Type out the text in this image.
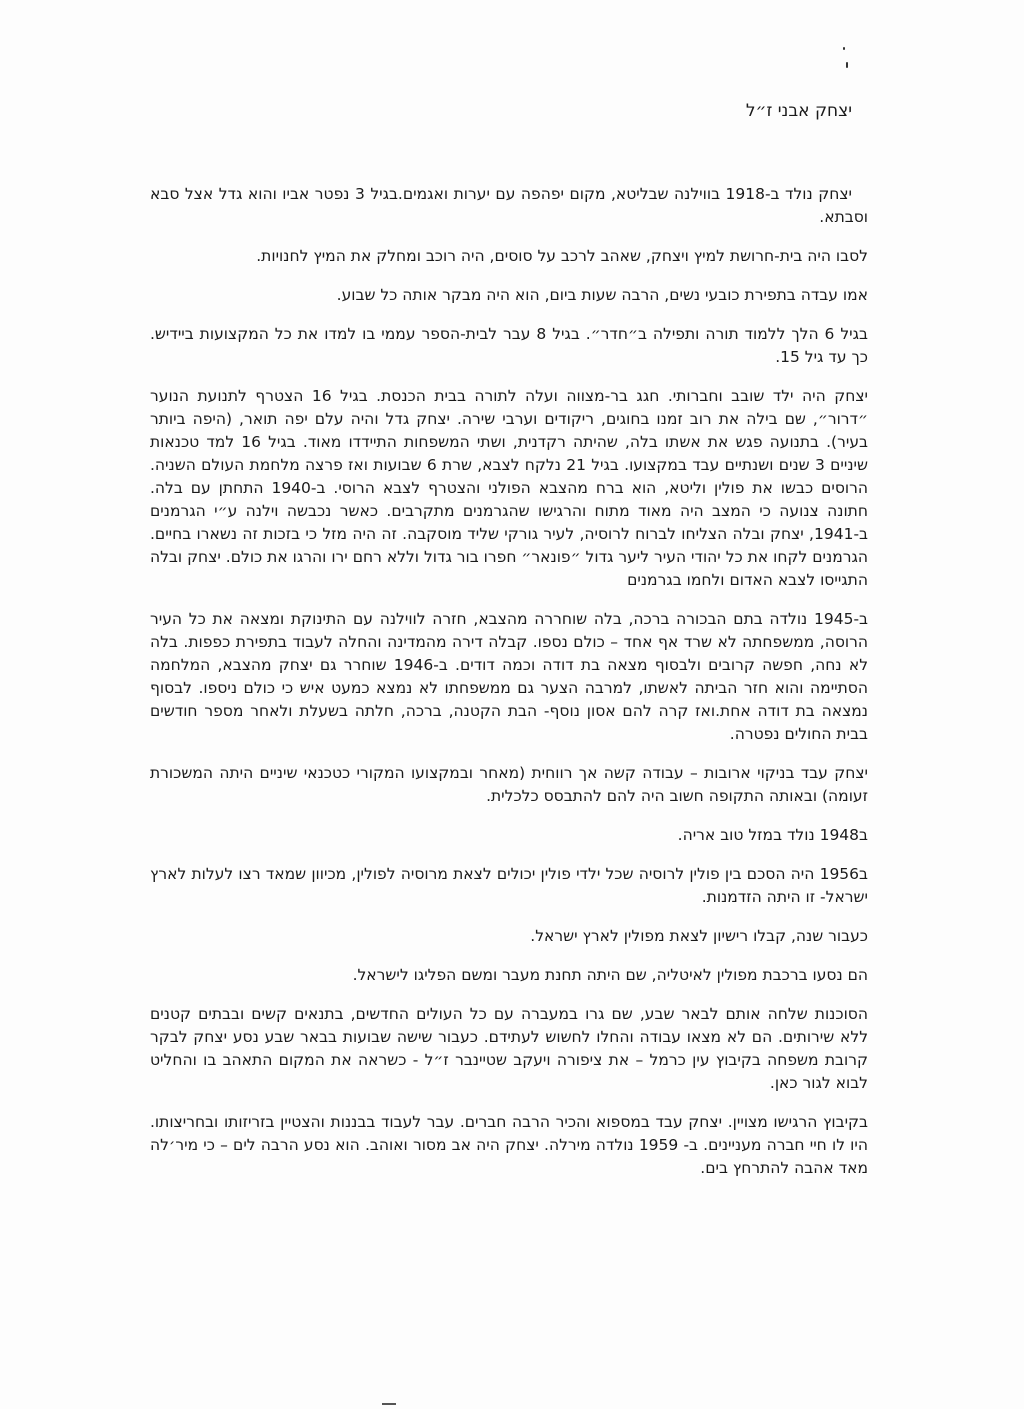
יצחק אבני ז״ל

יצחק נולד ב-1918 בווילנה שבליטא, מקום יפהפה עם יערות ואגמים.בגיל 3 נפטר אביו והוא גדל אצל סבא וסבתא.

לסבו היה בית-חרושת למיץ ויצחק, שאהב לרכב על סוסים, היה רוכב ומחלק את המיץ לחנויות.

אמו עבדה בתפירת כובעי נשים, הרבה שעות ביום, הוא היה מבקר אותה כל שבוע.

בגיל 6 הלך ללמוד תורה ותפילה ב״חדר״. בגיל 8 עבר לבית-הספר עממי בו למדו את כל המקצועות ביידיש. כך עד גיל 15.

יצחק היה ילד שובב וחברותי. חגג בר-מצווה ועלה לתורה בבית הכנסת. בגיל 16 הצטרף לתנועת הנוער ״דרור״, שם בילה את רוב זמנו בחוגים, ריקודים וערבי שירה. יצחק גדל והיה עלם יפה תואר, (היפה ביותר בעיר). בתנועה פגש את אשתו בלה, שהיתה רקדנית, ושתי המשפחות התיידדו מאוד. בגיל 16 למד טכנאות שיניים 3 שנים ושנתיים עבד במקצועו. בגיל 21 נלקח לצבא, שרת 6 שבועות ואז פרצה מלחמת העולם השניה. הרוסים כבשו את פולין וליטא, הוא ברח מהצבא הפולני והצטרף לצבא הרוסי. ב-1940 התחתן עם בלה. חתונה צנועה כי המצב היה מאוד מתוח והרגישו שהגרמנים מתקרבים. כאשר נכבשה וילנה ע״י הגרמנים ב-1941, יצחק ובלה הצליחו לברוח לרוסיה, לעיר גורקי שליד מוסקבה. זה היה מזל כי בזכות זה נשארו בחיים. הגרמנים לקחו את כל יהודי העיר ליער גדול ״פונאר״ חפרו בור גדול וללא רחם ירו והרגו את כולם. יצחק ובלה התגייסו לצבא האדום ולחמו בגרמנים

ב-1945 נולדה בתם הבכורה ברכה, בלה שוחררה מהצבא, חזרה לווילנה עם התינוקת ומצאה את כל העיר הרוסה, ממשפחתה לא שרד אף אחד – כולם נספו. קבלה דירה מהמדינה והחלה לעבוד בתפירת כפפות. בלה לא נחה, חפשה קרובים ולבסוף מצאה בת דודה וכמה דודים. ב-1946 שוחרר גם יצחק מהצבא, המלחמה הסתיימה והוא חזר הביתה לאשתו, למרבה הצער גם ממשפחתו לא נמצא כמעט איש כי כולם ניספו. לבסוף נמצאה בת דודה אחת.ואז קרה להם אסון נוסף- הבת הקטנה, ברכה, חלתה בשעלת ולאחר מספר חודשים בבית החולים נפטרה.

יצחק עבד בניקוי ארובות – עבודה קשה אך רווחית (מאחר ובמקצועו המקורי כטכנאי שיניים היתה המשכורת זעומה) ובאותה התקופה חשוב היה להם להתבסס כלכלית.

ב1948 נולד במזל טוב אריה.

ב1956 היה הסכם בין פולין לרוסיה שכל ילדי פולין יכולים לצאת מרוסיה לפולין, מכיוון שמאד רצו לעלות לארץ ישראל- זו היתה הזדמנות.

כעבור שנה, קבלו רישיון לצאת מפולין לארץ ישראל.

הם נסעו ברכבת מפולין לאיטליה, שם היתה תחנת מעבר ומשם הפליגו לישראל.

הסוכנות שלחה אותם לבאר שבע, שם גרו במעברה עם כל העולים החדשים, בתנאים קשים ובבתים קטנים ללא שירותים. הם לא מצאו עבודה והחלו לחשוש לעתידם. כעבור שישה שבועות בבאר שבע נסע יצחק לבקר קרובת משפחה בקיבוץ עין כרמל – את ציפורה ויעקב שטיינבר ז״ל - כשראה את המקום התאהב בו והחליט לבוא לגור כאן.

בקיבוץ הרגישו מצויין. יצחק עבד במספוא והכיר הרבה חברים. עבר לעבוד בבננות והצטיין בזריזותו ובחריצותו. היו לו חיי חברה מעניינים. ב- 1959 נולדה מירלה. יצחק היה אב מסור ואוהב. הוא נסע הרבה לים – כי מיר׳לה מאד אהבה להתרחץ בים.
